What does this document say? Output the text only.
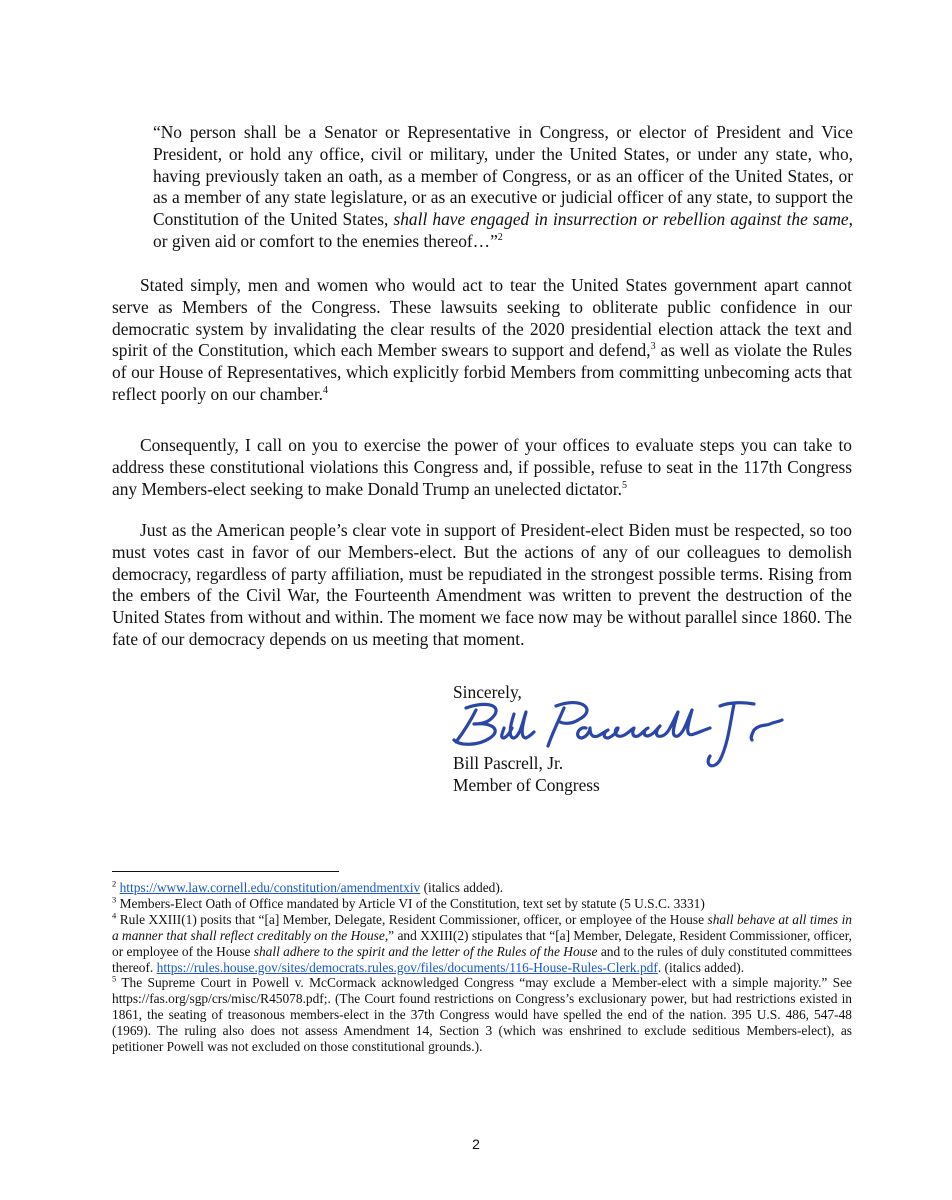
“No person shall be a Senator or Representative in Congress, or elector of President and Vice President, or hold any office, civil or military, under the United States, or under any state, who, having previously taken an oath, as a member of Congress, or as an officer of the United States, or as a member of any state legislature, or as an executive or judicial officer of any state, to support the Constitution of the United States, shall have engaged in insurrection or rebellion against the same, or given aid or comfort to the enemies thereof…”$^2$

Stated simply, men and women who would act to tear the United States government apart cannot serve as Members of the Congress. These lawsuits seeking to obliterate public confidence in our democratic system by invalidating the clear results of the 2020 presidential election attack the text and spirit of the Constitution, which each Member swears to support and defend,$^3$ as well as violate the Rules of our House of Representatives, which explicitly forbid Members from committing unbecoming acts that reflect poorly on our chamber.$^4$

Consequently, I call on you to exercise the power of your offices to evaluate steps you can take to address these constitutional violations this Congress and, if possible, refuse to seat in the 117th Congress any Members-elect seeking to make Donald Trump an unelected dictator.$^5$

Just as the American people’s clear vote in support of President-elect Biden must be respected, so too must votes cast in favor of our Members-elect. But the actions of any of our colleagues to demolish democracy, regardless of party affiliation, must be repudiated in the strongest possible terms. Rising from the embers of the Civil War, the Fourteenth Amendment was written to prevent the destruction of the United States from without and within. The moment we face now may be without parallel since 1860. The fate of our democracy depends on us meeting that moment.

Sincerely,
Bill Pascrell, Jr.
Member of Congress

$^2$ https://www.law.cornell.edu/constitution/amendmentxiv (italics added).

$^3$ Members-Elect Oath of Office mandated by Article VI of the Constitution, text set by statute (5 U.S.C. 3331)

$^4$ Rule XXIII(1) posits that “[a] Member, Delegate, Resident Commissioner, officer, or employee of the House shall behave at all times in a manner that shall reflect creditably on the House,” and XXIII(2) stipulates that “[a] Member, Delegate, Resident Commissioner, officer, or employee of the House shall adhere to the spirit and the letter of the Rules of the House and to the rules of duly constituted committees thereof. https://rules.house.gov/sites/democrats.rules.gov/files/documents/116-House-Rules-Clerk.pdf. (italics added).

$^5$ The Supreme Court in Powell v. McCormack acknowledged Congress “may exclude a Member-elect with a simple majority.” See https://fas.org/sgp/crs/misc/R45078.pdf;. (The Court found restrictions on Congress’s exclusionary power, but had restrictions existed in 1861, the seating of treasonous members-elect in the 37th Congress would have spelled the end of the nation. 395 U.S. 486, 547-48 (1969). The ruling also does not assess Amendment 14, Section 3 (which was enshrined to exclude seditious Members-elect), as petitioner Powell was not excluded on those constitutional grounds.).

2
